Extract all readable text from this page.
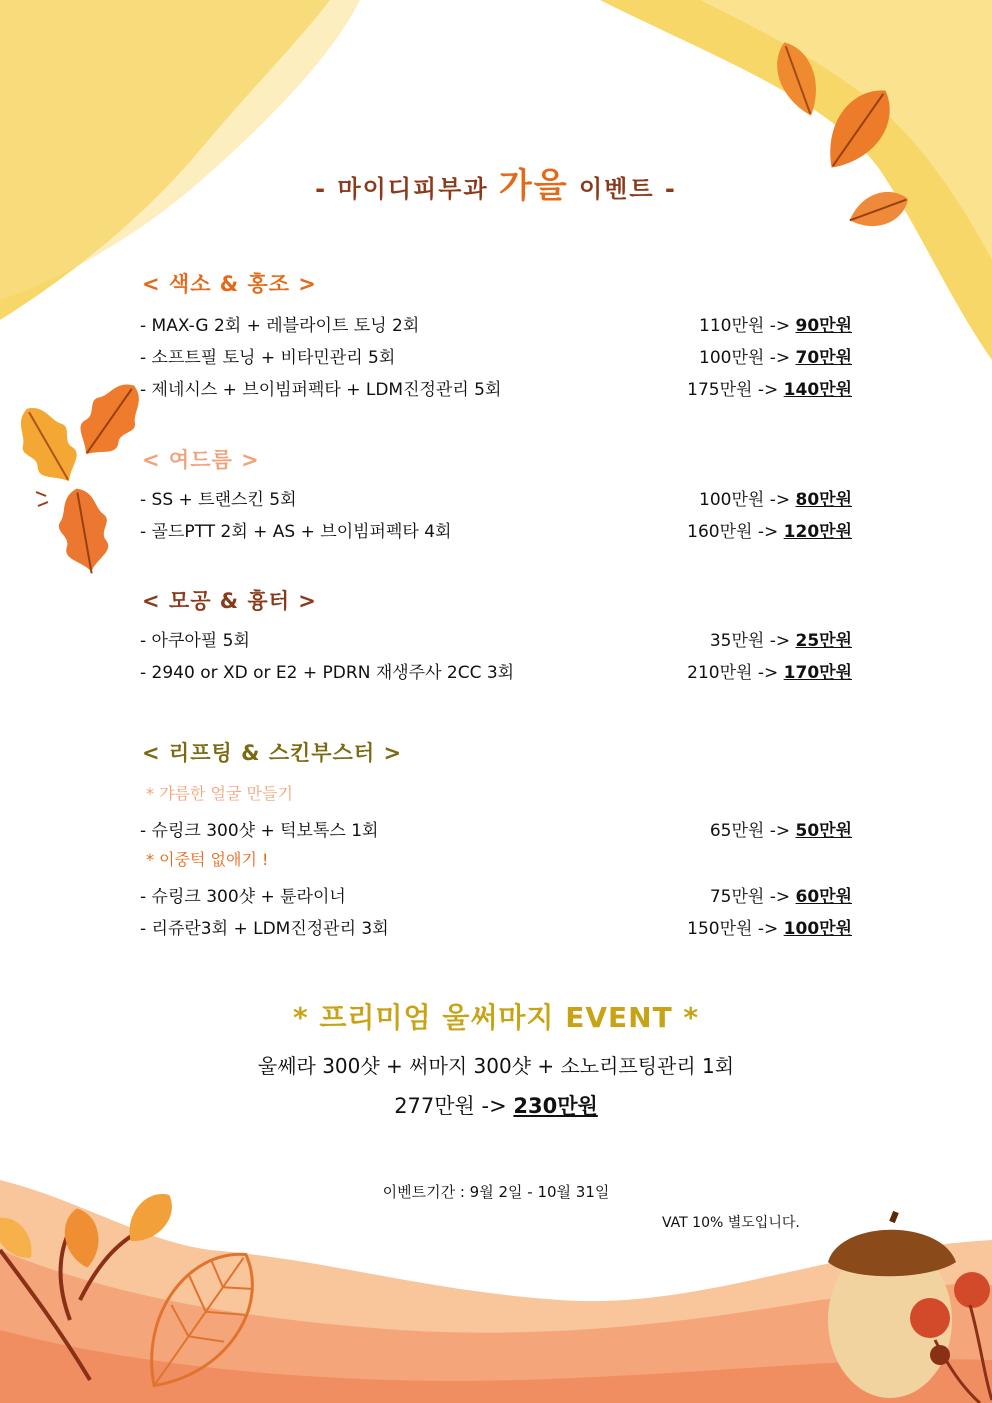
- 마이디피부과 가을 이벤트 -
< 색소 & 홍조 >
- MAX-G 2회 + 레블라이트 토닝 2회	110만원 -> 90만원
- 소프트필 토닝 + 비타민관리 5회	100만원 -> 70만원
- 제네시스 + 브이빔퍼펙타 + LDM진정관리 5회	175만원 -> 140만원
< 여드름 >
- SS + 트랜스킨 5회	100만원 -> 80만원
- 골드PTT 2회 + AS + 브이빔퍼펙타 4회	160만원 -> 120만원
< 모공 & 흉터 >
- 아쿠아필 5회	35만원 -> 25만원
- 2940 or XD or E2 + PDRN 재생주사 2CC 3회	210만원 -> 170만원
< 리프팅 & 스킨부스터 >
* 갸름한 얼굴 만들기
- 슈링크 300샷 + 턱보톡스 1회	65만원 -> 50만원
* 이중턱 없애기 !
- 슈링크 300샷 + 튠라이너	75만원 -> 60만원
- 리쥬란3회 + LDM진정관리 3회	150만원 -> 100만원
* 프리미엄 울써마지 EVENT *
울쎄라 300샷 + 써마지 300샷 + 소노리프팅관리 1회
277만원 -> 230만원
이벤트기간 : 9월 2일 - 10월 31일
VAT 10% 별도입니다.
